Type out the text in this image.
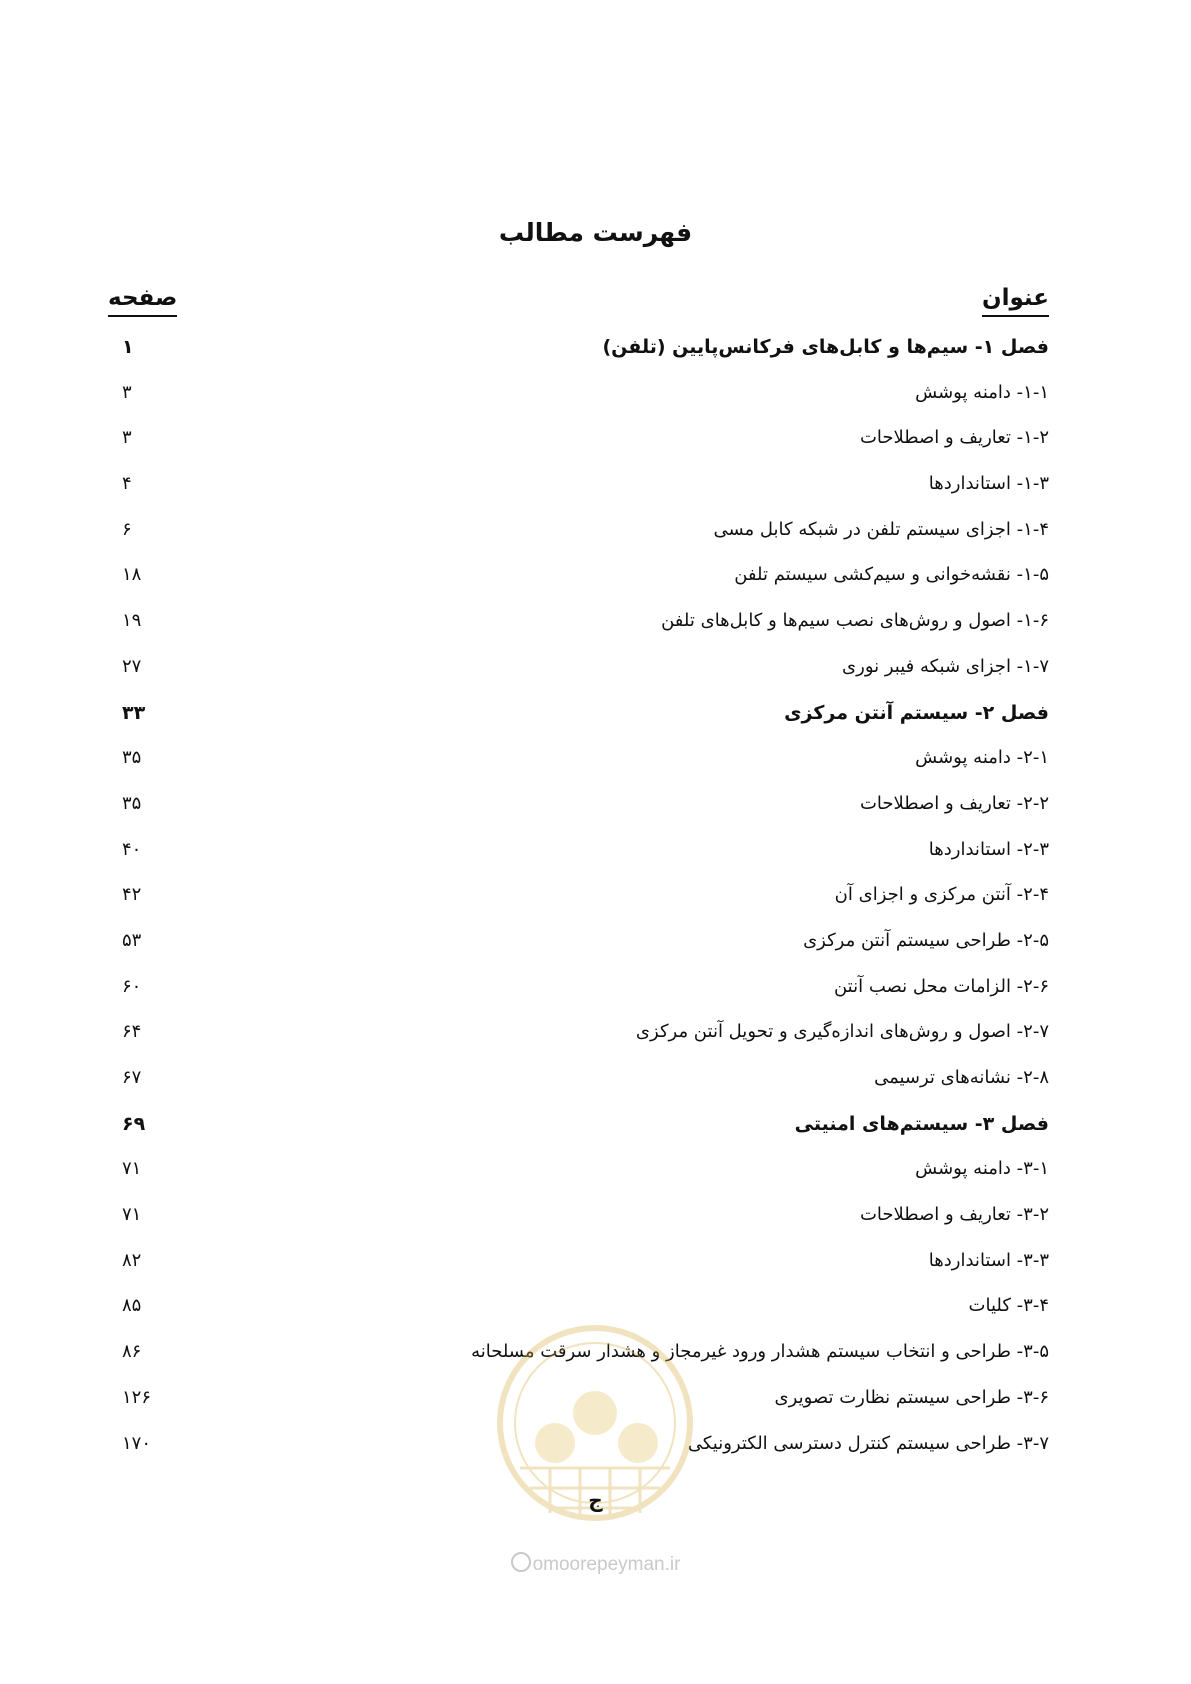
فهرست مطالب
عنوان
صفحه
فصل ۱- سیم‌ها و کابل‌های فرکانس‌پایین (تلفن)
۱
۱-۱- دامنه پوشش
۳
۱-۲- تعاریف و اصطلاحات
۳
۱-۳- استانداردها
۴
۱-۴- اجزای سیستم تلفن در شبکه کابل مسی
۶
۱-۵- نقشه‌خوانی و سیم‌کشی سیستم تلفن
۱۸
۱-۶- اصول و روش‌های نصب سیم‌ها و کابل‌های تلفن
۱۹
۱-۷- اجزای شبکه فیبر نوری
۲۷
فصل ۲- سیستم آنتن مرکزی
۳۳
۲-۱- دامنه پوشش
۳۵
۲-۲- تعاریف و اصطلاحات
۳۵
۲-۳- استانداردها
۴۰
۲-۴- آنتن مرکزی و اجزای آن
۴۲
۲-۵- طراحی سیستم آنتن مرکزی
۵۳
۲-۶- الزامات محل نصب آنتن
۶۰
۲-۷- اصول و روش‌های اندازه‌گیری و تحویل آنتن مرکزی
۶۴
۲-۸- نشانه‌های ترسیمی
۶۷
فصل ۳- سیستم‌های امنیتی
۶۹
۳-۱- دامنه پوشش
۷۱
۳-۲- تعاریف و اصطلاحات
۷۱
۳-۳- استانداردها
۸۲
۳-۴- کلیات
۸۵
۳-۵- طراحی و انتخاب سیستم هشدار ورود غیرمجاز و هشدار سرقت مسلحانه
۸۶
۳-۶- طراحی سیستم نظارت تصویری
۱۲۶
۳-۷- طراحی سیستم کنترل دسترسی الکترونیکی
۱۷۰
ج
omoorepeyman.ir
